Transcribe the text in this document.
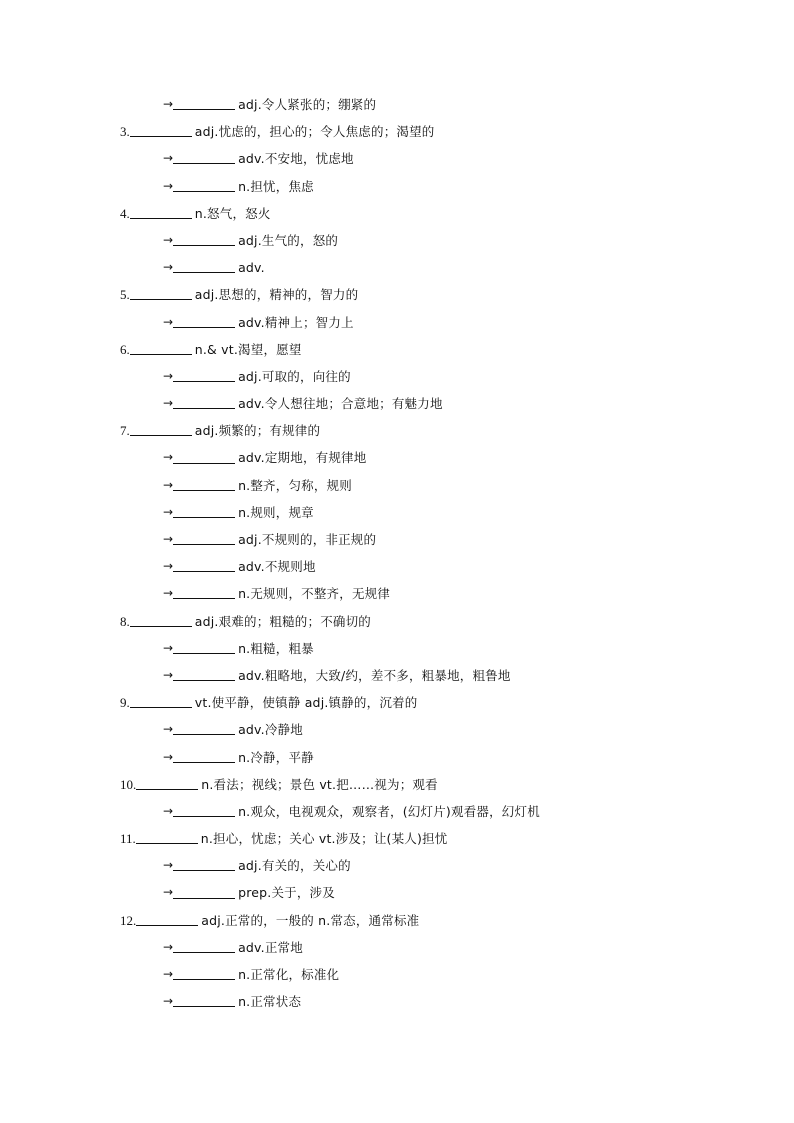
→	adj.令人紧张的；绷紧的
3.	adj.忧虑的，担心的；令人焦虑的；渴望的
→	adv.不安地，忧虑地
→	n.担忧，焦虑
4.	n.怒气，怒火
→	adj.生气的，怒的
→	adv.
5.	adj.思想的，精神的，智力的
→	adv.精神上；智力上
6.	n.& vt.渴望，愿望
→	adj.可取的，向往的
→	adv.令人想往地；合意地；有魅力地
7.	adj.频繁的；有规律的
→	adv.定期地，有规律地
→	n.整齐，匀称，规则
→	n.规则，规章
→	adj.不规则的，非正规的
→	adv.不规则地
→	n.无规则，不整齐，无规律
8.	adj.艰难的；粗糙的；不确切的
→	n.粗糙，粗暴
→	adv.粗略地，大致/约，差不多，粗暴地，粗鲁地
9.	vt.使平静，使镇静 adj.镇静的，沉着的
→	adv.冷静地
→	n.冷静，平静
10.	n.看法；视线；景色 vt.把……视为；观看
→	n.观众，电视观众，观察者，(幻灯片)观看器，幻灯机
11.	n.担心，忧虑；关心 vt.涉及；让(某人)担忧
→	adj.有关的，关心的
→	prep.关于，涉及
12.	adj.正常的，一般的 n.常态，通常标准
→	adv.正常地
→	n.正常化，标准化
→	n.正常状态
